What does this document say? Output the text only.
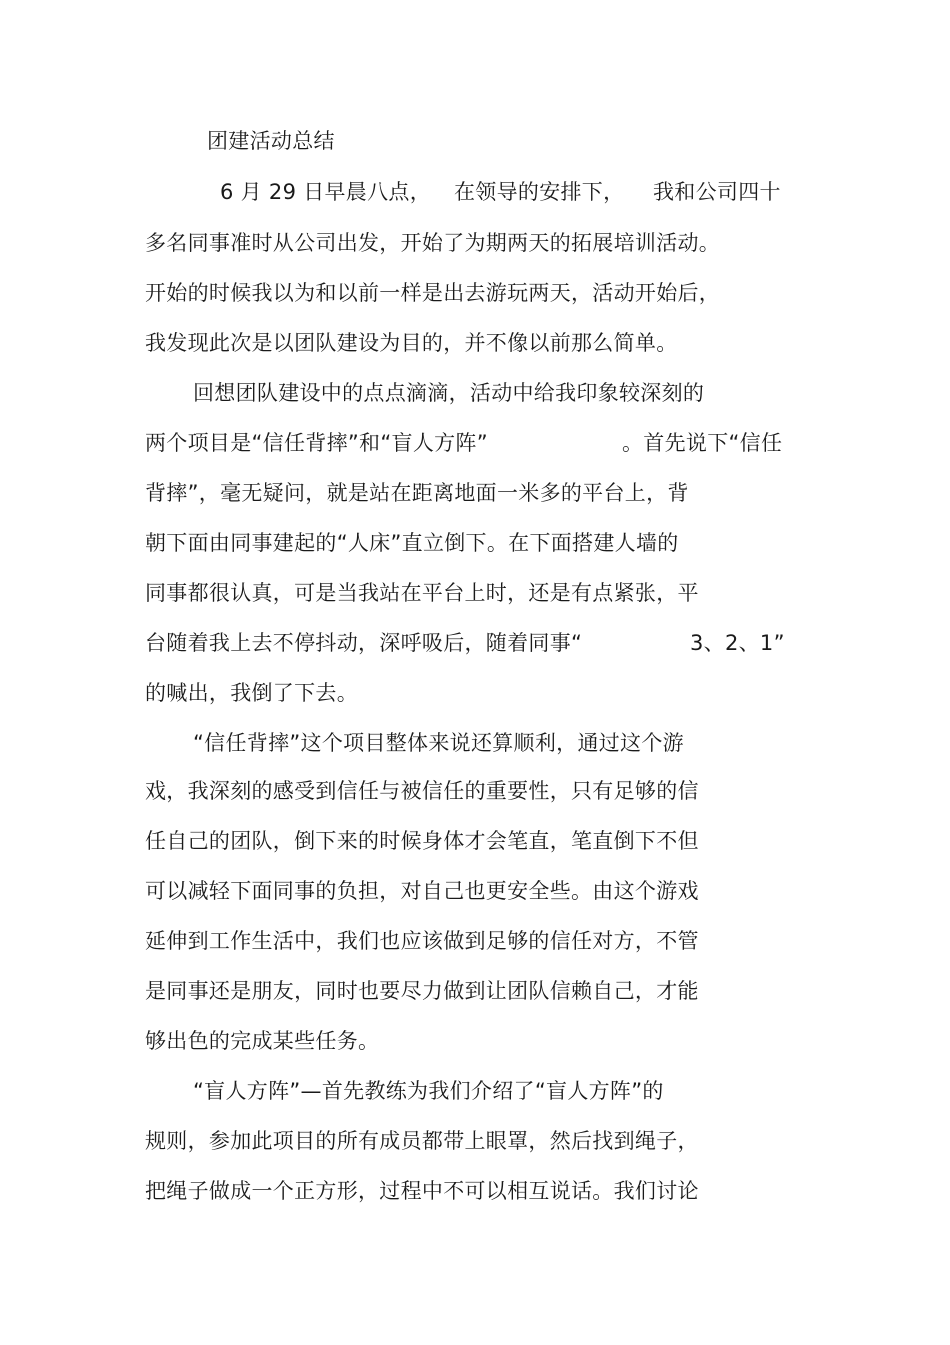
团建活动总结
6 月 29 日早晨八点， 在领导的安排下， 我和公司四十
多名同事准时从公司出发，开始了为期两天的拓展培训活动。
开始的时候我以为和以前一样是出去游玩两天，活动开始后，
我发现此次是以团队建设为目的，并不像以前那么简单。
回想团队建设中的点点滴滴，活动中给我印象较深刻的
两个项目是“信任背摔”和“盲人方阵”	。首先说下“信任
背摔”，毫无疑问，就是站在距离地面一米多的平台上，背
朝下面由同事建起的“人床”直立倒下。在下面搭建人墙的
同事都很认真，可是当我站在平台上时，还是有点紧张，平
台随着我上去不停抖动，深呼吸后，随着同事“	3、2、1”
的喊出，我倒了下去。
“信任背摔”这个项目整体来说还算顺利，通过这个游
戏，我深刻的感受到信任与被信任的重要性，只有足够的信
任自己的团队，倒下来的时候身体才会笔直，笔直倒下不但
可以减轻下面同事的负担，对自己也更安全些。由这个游戏
延伸到工作生活中，我们也应该做到足够的信任对方，不管
是同事还是朋友，同时也要尽力做到让团队信赖自己，才能
够出色的完成某些任务。
“盲人方阵”—首先教练为我们介绍了“盲人方阵”的
规则，参加此项目的所有成员都带上眼罩，然后找到绳子，
把绳子做成一个正方形，过程中不可以相互说话。我们讨论
